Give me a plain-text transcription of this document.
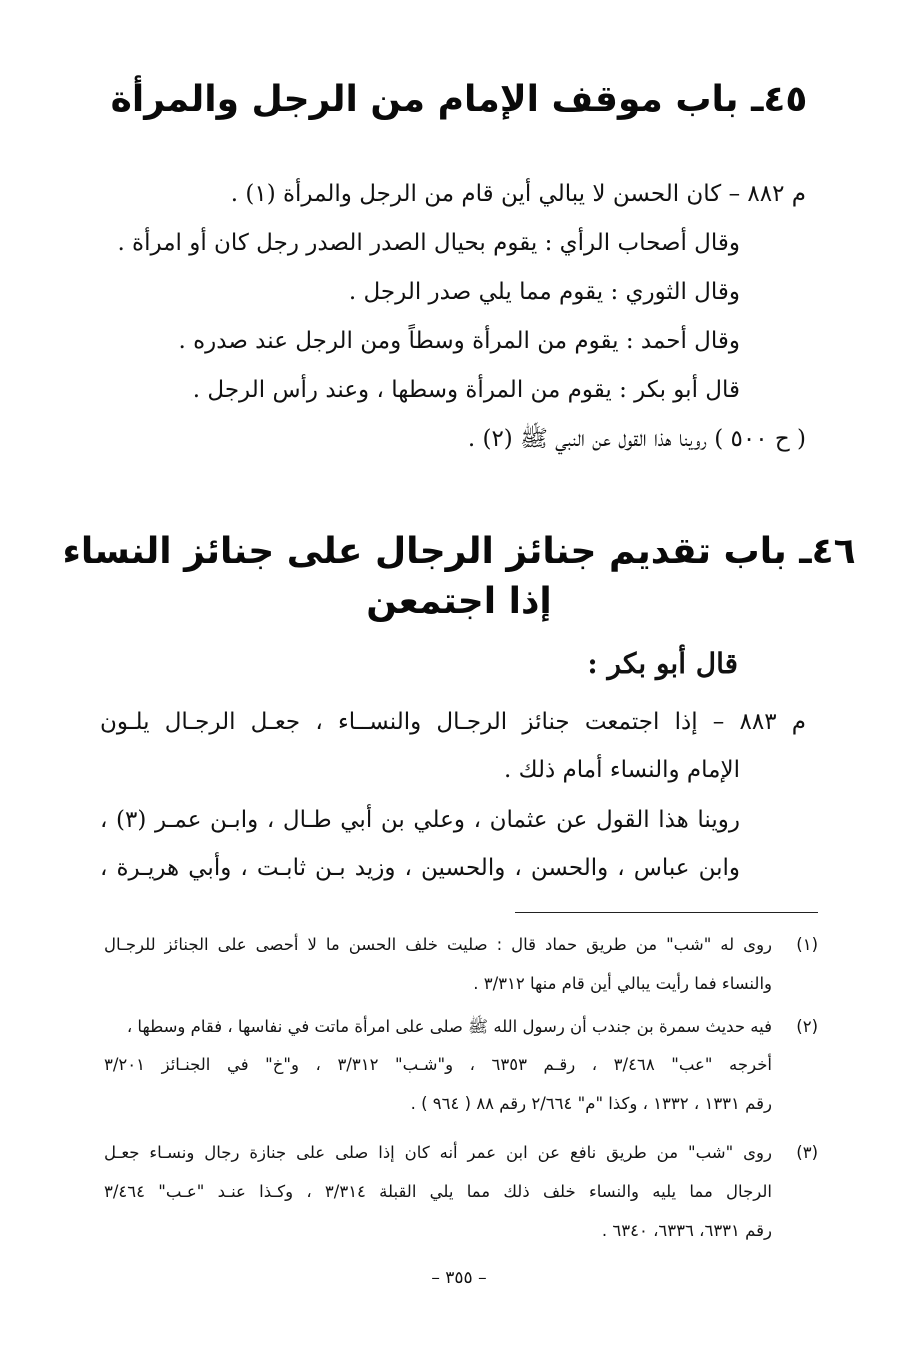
٤٥ـ باب موقف الإمام من الرجل والمرأة
م ٨٨٢ – كان الحسن لا يبالي أين قام من الرجل والمرأة (١) .
وقال أصحاب الرأي : يقوم بحيال الصدر الصدر رجل كان أو امرأة .
وقال الثوري : يقوم مما يلي صدر الرجل .
وقال أحمد : يقوم من المرأة وسطاً ومن الرجل عند صدره .
قال أبو بكر : يقوم من المرأة وسطها ، وعند رأس الرجل .
( ح ٥٠٠ ) روينا هذا القول عن النبي ﷺ (٢) .
٤٦ـ باب تقديم جنائز الرجال على جنائز النساء
إذا اجتمعن
قال أبو بكر :
م ٨٨٣ – إذا اجتمعت جنائز الرجـال والنســاء ، جعـل الرجـال يلـون
الإمام والنساء أمام ذلك .
روينا هذا القول عن عثمان ، وعلي بن أبي طـال ، وابـن عمـر (٣) ،
وابن عباس ، والحسن ، والحسين ، وزيد بـن ثابـت ، وأبي هريـرة ،
(١)
روى له "شب" من طريق حماد قال : صليت خلف الحسن ما لا أحصى على الجنائز للرجـال
والنساء فما رأيت يبالي أين قام منها ٣/٣١٢ .
(٢)
فيه حديث سمرة بن جندب أن رسول الله ﷺ صلى على امرأة ماتت في نفاسها ، فقام وسطها ،
أخرجه "عب" ٣/٤٦٨ ، رقـم ٦٣٥٣ ، و"شـب" ٣/٣١٢ ، و"خ" في الجنـائز ٣/٢٠١
رقم ١٣٣١ ، ١٣٣٢ ، وكذا "م" ٢/٦٦٤ رقم ٨٨ ( ٩٦٤ ) .
(٣)
روى "شب" من طريق نافع عن ابن عمر أنه كان إذا صلى على جنازة رجال ونسـاء جعـل
الرجال مما يليه والنساء خلف ذلك مما يلي القبلة ٣/٣١٤ ، وكـذا عنـد "عـب" ٣/٤٦٤
رقم ٦٣٣١، ٦٣٣٦، ٦٣٤٠ .
– ٣٥٥ –
